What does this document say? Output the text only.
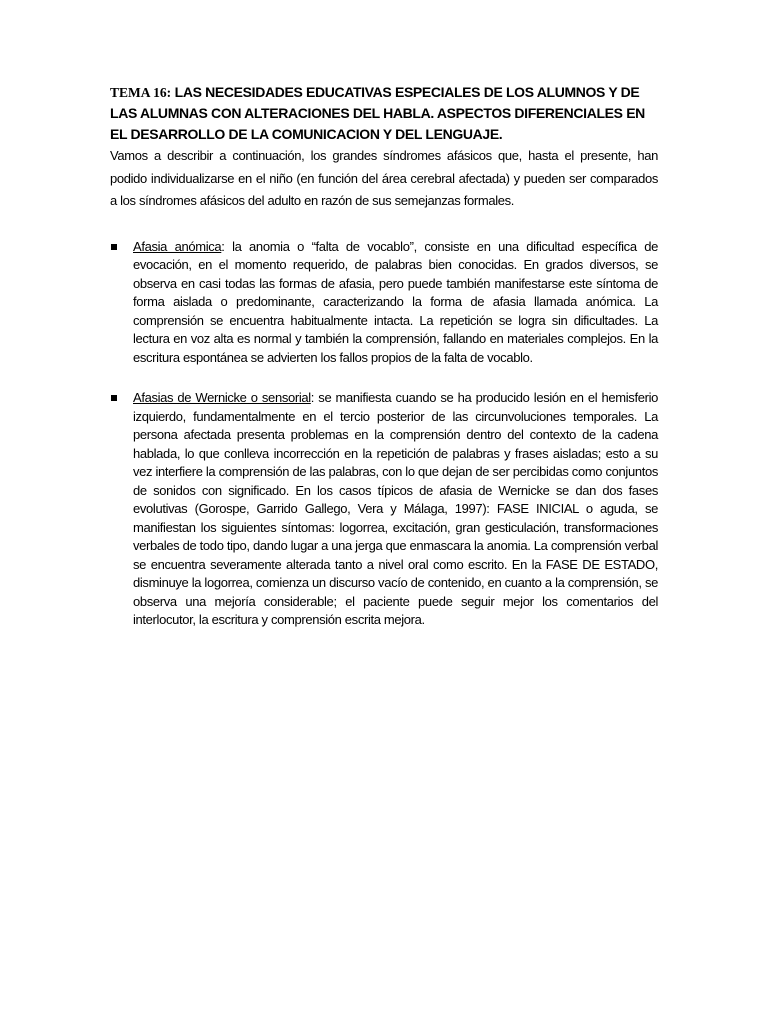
TEMA 16: LAS NECESIDADES EDUCATIVAS ESPECIALES DE LOS ALUMNOS Y DE LAS ALUMNAS CON ALTERACIONES DEL HABLA. ASPECTOS DIFERENCIALES EN EL DESARROLLO DE LA COMUNICACION Y DEL LENGUAJE.

Vamos a describir a continuación, los grandes síndromes afásicos que, hasta el presente, han podido individualizarse en el niño (en función del área cerebral afectada) y pueden ser comparados a los síndromes afásicos del adulto en razón de sus semejanzas formales.

Afasia anómica: la anomia o “falta de vocablo”, consiste en una dificultad específica de evocación, en el momento requerido, de palabras bien conocidas. En grados diversos, se observa en casi todas las formas de afasia, pero puede también manifestarse este síntoma de forma aislada o predominante, caracterizando la forma de afasia llamada anómica. La comprensión se encuentra habitualmente intacta. La repetición se logra sin dificultades. La lectura en voz alta es normal y también la comprensión, fallando en materiales complejos. En la escritura espontánea se advierten los fallos propios de la falta de vocablo.
Afasias de Wernicke o sensorial: se manifiesta cuando se ha producido lesión en el hemisferio izquierdo, fundamentalmente en el tercio posterior de las circunvoluciones temporales. La persona afectada presenta problemas en la comprensión dentro del contexto de la cadena hablada, lo que conlleva incorrección en la repetición de palabras y frases aisladas; esto a su vez interfiere la comprensión de las palabras, con lo que dejan de ser percibidas como conjuntos de sonidos con significado. En los casos típicos de afasia de Wernicke se dan dos fases evolutivas (Gorospe, Garrido Gallego, Vera y Málaga, 1997): FASE INICIAL o aguda, se manifiestan los siguientes síntomas: logorrea, excitación, gran gesticulación, transformaciones verbales de todo tipo, dando lugar a una jerga que enmascara la anomia. La comprensión verbal se encuentra severamente alterada tanto a nivel oral como escrito. En la FASE DE ESTADO, disminuye la logorrea, comienza un discurso vacío de contenido, en cuanto a la comprensión, se observa una mejoría considerable; el paciente puede seguir mejor los comentarios del interlocutor, la escritura y comprensión escrita mejora.
